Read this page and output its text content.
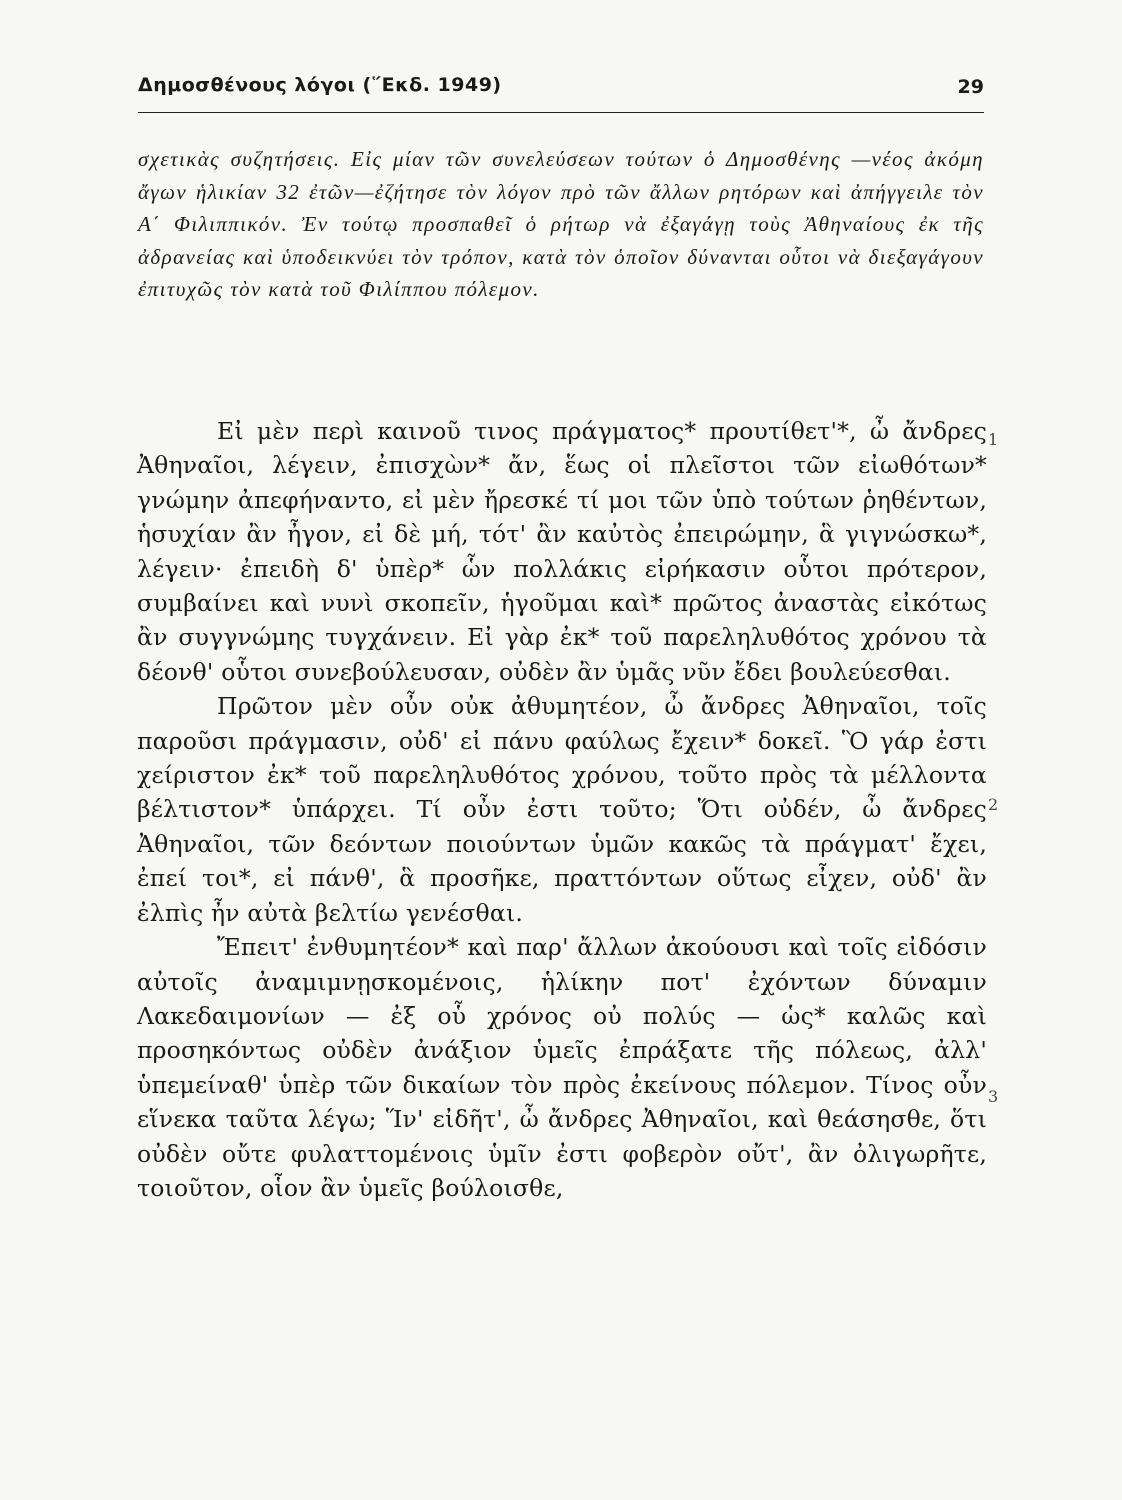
Δημοσθένους λόγοι (῞Εκδ. 1949)	29

σχετικὰς συζητήσεις. Εἰς μίαν τῶν συνελεύσεων τούτων ὁ Δημοσθένης —νέος ἀκόμη ἄγων ἡλικίαν 32 ἐτῶν—ἐζήτησε τὸν λόγον πρὸ τῶν ἄλλων ρητόρων καὶ ἀπήγγειλε τὸν Α΄ Φιλιππικόν. Ἐν τούτῳ προσπαθεῖ ὁ ρήτωρ νὰ ἐξαγάγῃ τοὺς Ἀθηναίους ἐκ τῆς ἀδρανείας καὶ ὑποδεικνύει τὸν τρόπον, κατὰ τὸν ὁποῖον δύνανται οὗτοι νὰ διεξαγάγουν ἐπιτυχῶς τὸν κατὰ τοῦ Φιλίππου πόλεμον.

Εἰ μὲν περὶ καινοῦ τινος πράγματος* προυτίθετ'*, ὦ ἄνδρες Ἀθηναῖοι, λέγειν, ἐπισχὼν* ἄν, ἕως οἱ πλεῖστοι τῶν εἰωθότων* γνώμην ἀπεφήναντο, εἰ μὲν ἤρεσκέ τί μοι τῶν ὑπὸ τούτων ῥηθέντων, ἡσυχίαν ἂν ἦγον, εἰ δὲ μή, τότ' ἂν καὐτὸς ἐπειρώμην, ἃ γιγνώσκω*, λέγειν· ἐπειδὴ δ' ὑπὲρ* ὧν πολλάκις εἰρήκασιν οὗτοι πρότερον, συμβαίνει καὶ νυνὶ σκοπεῖν, ἡγοῦμαι καὶ* πρῶτος ἀναστὰς εἰκότως ἂν συγγνώμης τυγχάνειν. Εἰ γὰρ ἐκ* τοῦ παρεληλυθότος χρόνου τὰ δέονθ' οὗτοι συνεβούλευσαν, οὐδὲν ἂν ὑμᾶς νῦν ἔδει βουλεύεσθαι.

Πρῶτον μὲν οὖν οὐκ ἀθυμητέον, ὦ ἄνδρες Ἀθηναῖοι, τοῖς παροῦσι πράγμασιν, οὐδ' εἰ πάνυ φαύλως ἔχειν* δοκεῖ. Ὃ γάρ ἐστι χείριστον ἐκ* τοῦ παρεληλυθότος χρόνου, τοῦτο πρὸς τὰ μέλλοντα βέλτιστον* ὑπάρχει. Τί οὖν ἐστι τοῦτο; Ὅτι οὐδέν, ὦ ἄνδρες Ἀθηναῖοι, τῶν δεόντων ποιούντων ὑμῶν κακῶς τὰ πράγματ' ἔχει, ἐπεί τοι*, εἰ πάνθ', ἃ προσῆκε, πραττόντων οὕτως εἶχεν, οὐδ' ἂν ἐλπὶς ἦν αὐτὰ βελτίω γενέσθαι.

Ἔπειτ' ἐνθυμητέον* καὶ παρ' ἄλλων ἀκούουσι καὶ τοῖς εἰδόσιν αὐτοῖς ἀναμιμνῃσκομένοις, ἡλίκην ποτ' ἐχόντων δύναμιν Λακεδαιμονίων — ἐξ οὗ χρόνος οὐ πολύς — ὡς* καλῶς καὶ προσηκόντως οὐδὲν ἀνάξιον ὑμεῖς ἐπράξατε τῆς πόλεως, ἀλλ' ὑπεμείναθ' ὑπὲρ τῶν δικαίων τὸν πρὸς ἐκείνους πόλεμον. Τίνος οὖν εἵνεκα ταῦτα λέγω; Ἵν' εἰδῆτ', ὦ ἄνδρες Ἀθηναῖοι, καὶ θεάσησθε, ὅτι οὐδὲν οὔτε φυλαττομένοις ὑμῖν ἐστι φοβερὸν οὔτ', ἂν ὀλιγωρῆτε, τοιοῦτον, οἷον ἂν ὑμεῖς βούλοισθε,

1
2
3
